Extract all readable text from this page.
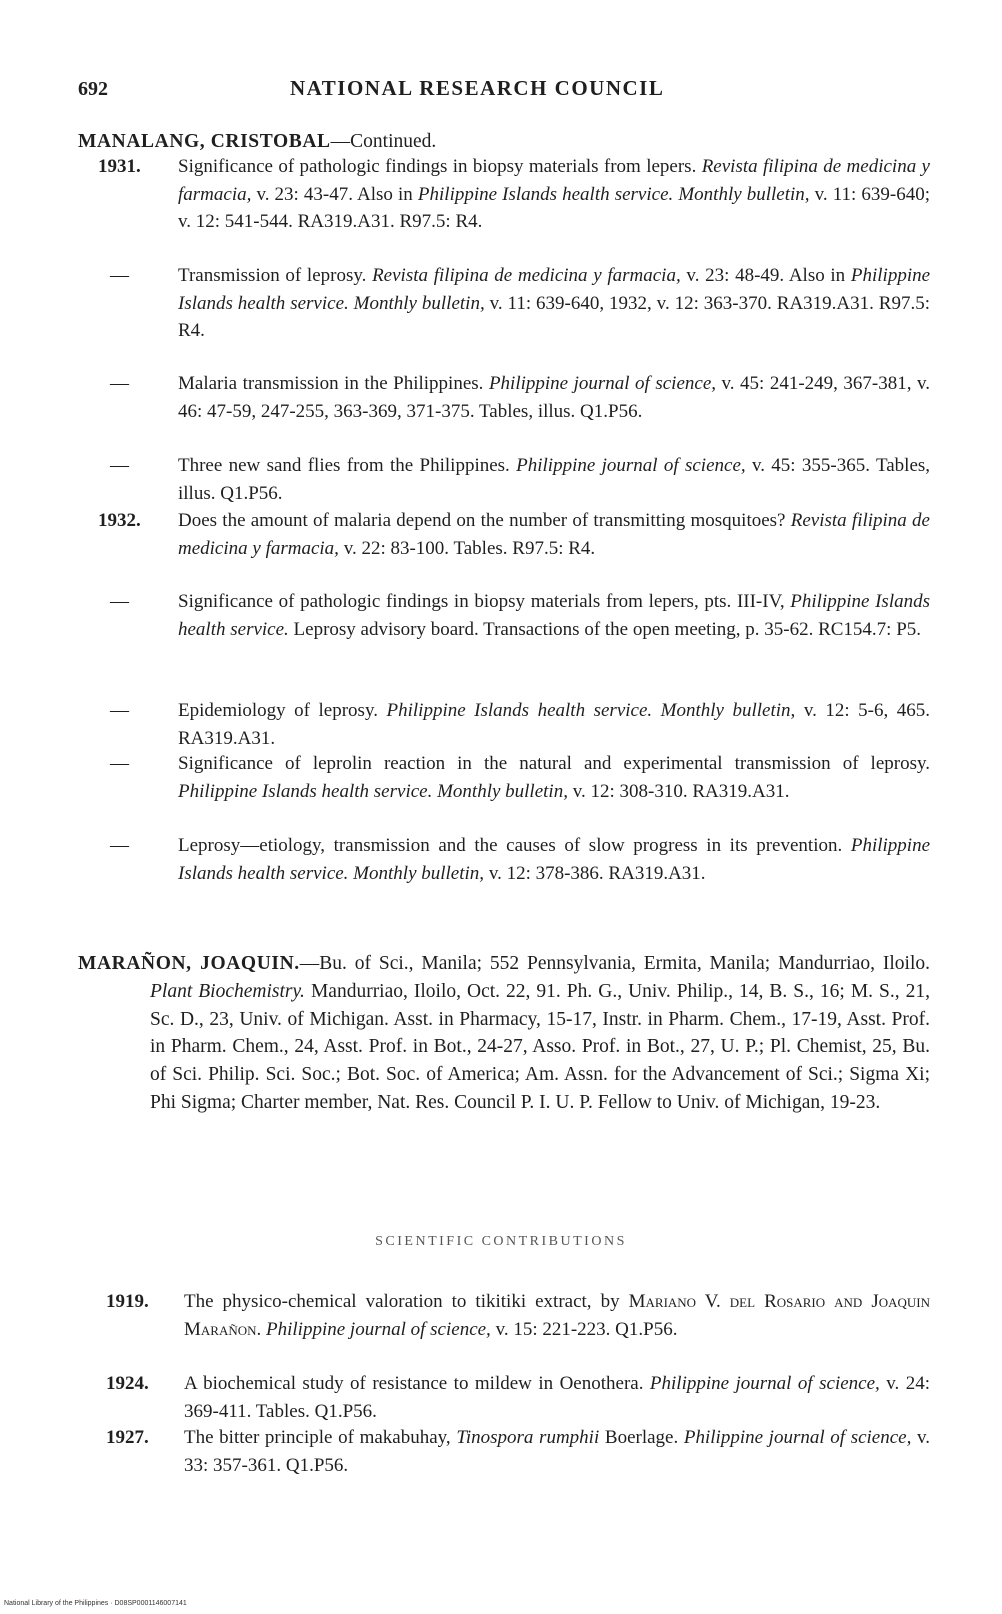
692	NATIONAL RESEARCH COUNCIL
MANALANG, CRISTOBAL—Continued.
1931.	Significance of pathologic findings in biopsy materials from lepers. Revista filipina de medicina y farmacia, v. 23: 43-47. Also in Philippine Islands health service. Monthly bulletin, v. 11: 639-640; v. 12: 541-544. RA319.A31. R97.5: R4.
—	Transmission of leprosy. Revista filipina de medicina y farmacia, v. 23: 48-49. Also in Philippine Islands health service. Monthly bulletin, v. 11: 639-640, 1932, v. 12: 363-370. RA319.A31. R97.5: R4.
—	Malaria transmission in the Philippines. Philippine journal of science, v. 45: 241-249, 367-381, v. 46: 47-59, 247-255, 363-369, 371-375. Tables, illus. Q1.P56.
—	Three new sand flies from the Philippines. Philippine journal of science, v. 45: 355-365. Tables, illus. Q1.P56.
1932.	Does the amount of malaria depend on the number of transmitting mosquitoes? Revista filipina de medicina y farmacia, v. 22: 83-100. Tables. R97.5: R4.
—	Significance of pathologic findings in biopsy materials from lepers, pts. III-IV, Philippine Islands health service. Leprosy advisory board. Transactions of the open meeting, p. 35-62. RC154.7: P5.
—	Epidemiology of leprosy. Philippine Islands health service. Monthly bulletin, v. 12: 5-6, 465. RA319.A31.
—	Significance of leprolin reaction in the natural and experimental transmission of leprosy. Philippine Islands health service. Monthly bulletin, v. 12: 308-310. RA319.A31.
—	Leprosy—etiology, transmission and the causes of slow progress in its prevention. Philippine Islands health service. Monthly bulletin, v. 12: 378-386. RA319.A31.
MARAÑON, JOAQUIN.—Bu. of Sci., Manila; 552 Pennsylvania, Ermita, Manila; Mandurriao, Iloilo. Plant Biochemistry. Mandurriao, Iloilo, Oct. 22, 91. Ph. G., Univ. Philip., 14, B. S., 16; M. S., 21, Sc. D., 23, Univ. of Michigan. Asst. in Pharmacy, 15-17, Instr. in Pharm. Chem., 17-19, Asst. Prof. in Pharm. Chem., 24, Asst. Prof. in Bot., 24-27, Asso. Prof. in Bot., 27, U. P.; Pl. Chemist, 25, Bu. of Sci. Philip. Sci. Soc.; Bot. Soc. of America; Am. Assn. for the Advancement of Sci.; Sigma Xi; Phi Sigma; Charter member, Nat. Res. Council P. I. U. P. Fellow to Univ. of Michigan, 19-23.
SCIENTIFIC CONTRIBUTIONS
1919. The physico-chemical valoration to tikitiki extract, by Mariano V. del Rosario and Joaquin Marañon. Philippine journal of science, v. 15: 221-223. Q1.P56.
1924. A biochemical study of resistance to mildew in Oenothera. Philippine journal of science, v. 24: 369-411. Tables. Q1.P56.
1927. The bitter principle of makabuhay, Tinospora rumphii Boerlage. Philippine journal of science, v. 33: 357-361. Q1.P56.
National Library of the Philippines · D08SP0001146007141
